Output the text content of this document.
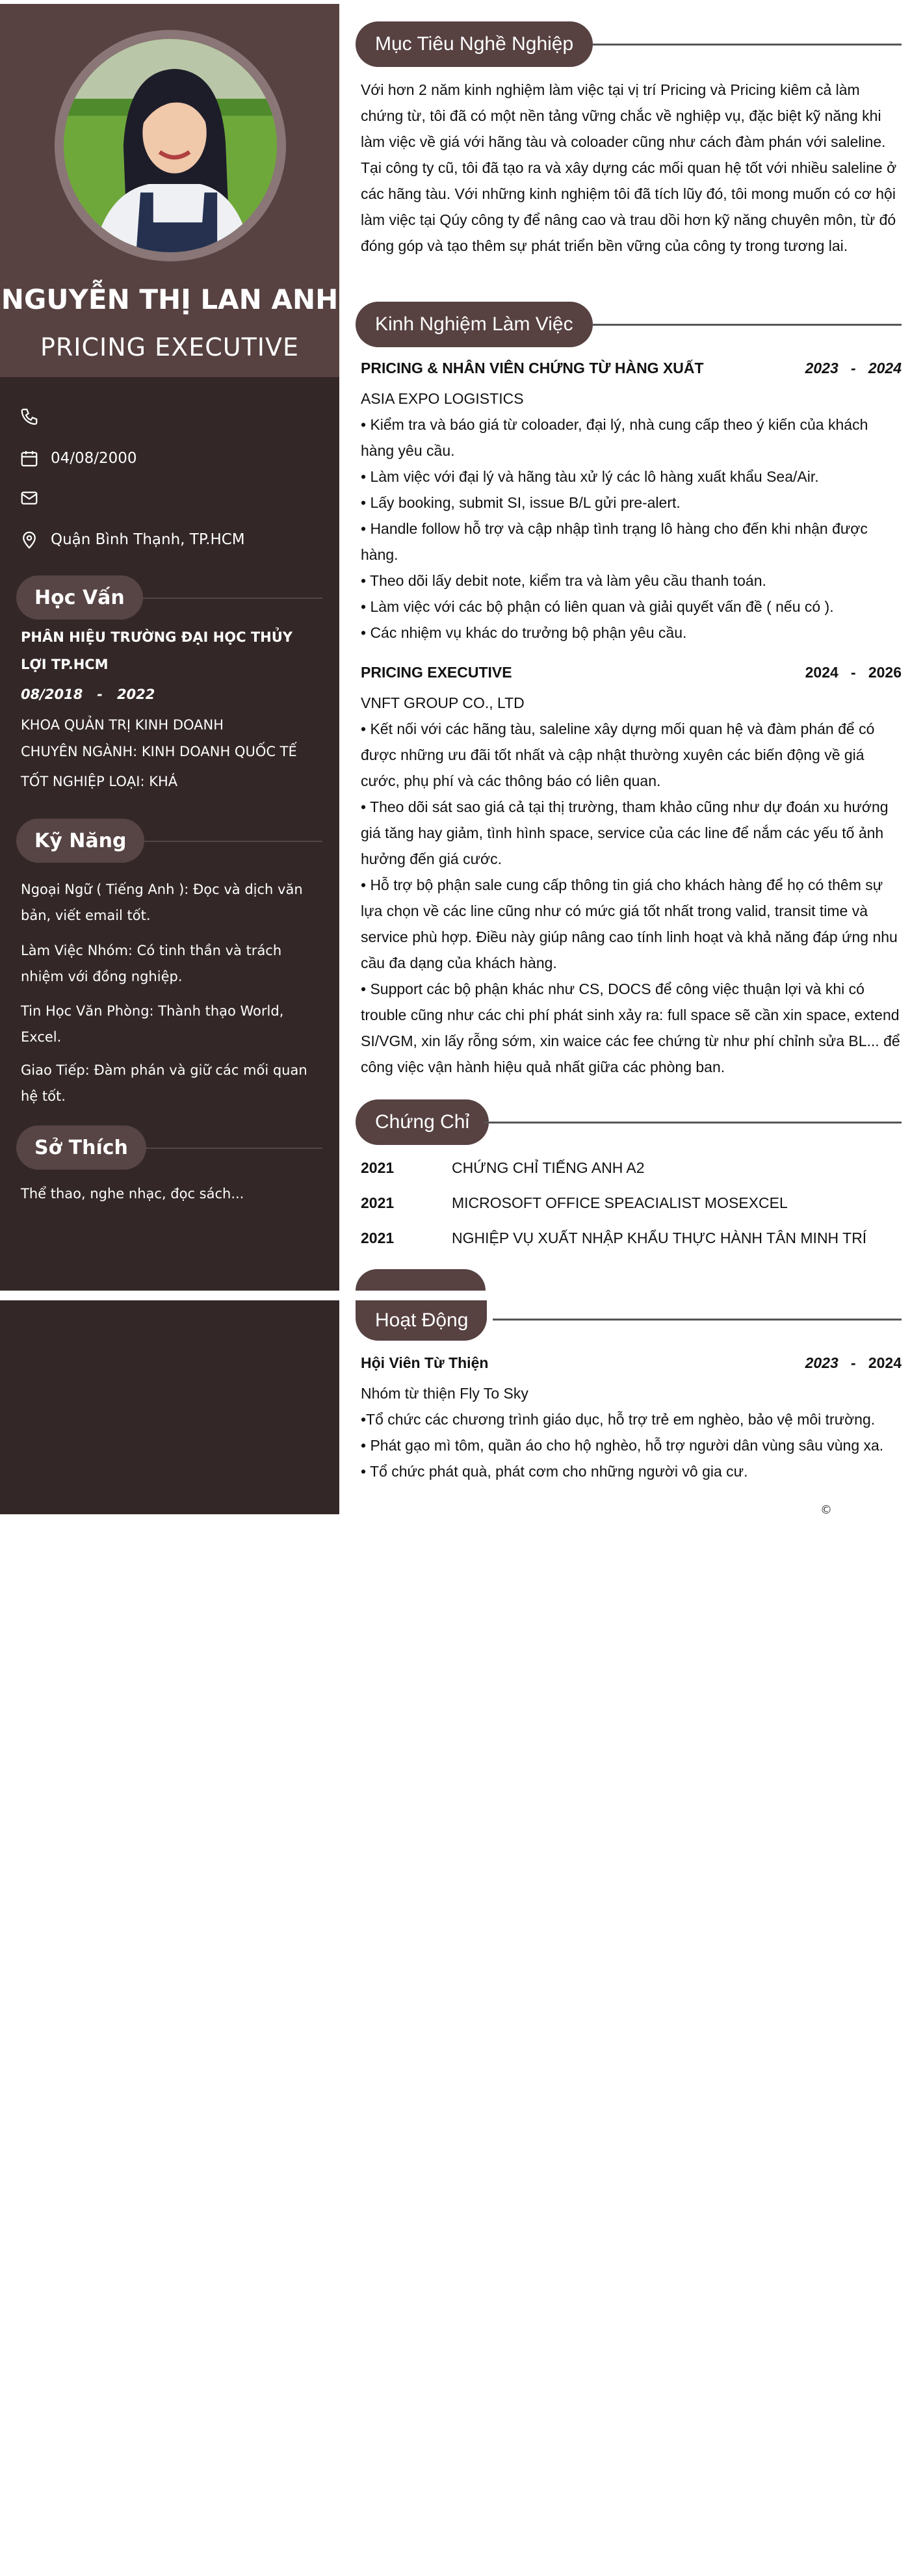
NGUYỄN THỊ LAN ANH
PRICING EXECUTIVE
04/08/2000
Quận Bình Thạnh, TP.HCM
Học Vấn
PHÂN HIỆU TRƯỜNG ĐẠI HỌC THỦY LỢI TP.HCM
08/2018 - 2022
KHOA QUẢN TRỊ KINH DOANH
CHUYÊN NGÀNH: KINH DOANH QUỐC TẾ
TỐT NGHIỆP LOẠI: KHÁ
Kỹ Năng
Ngoại Ngữ ( Tiếng Anh ): Đọc và dịch văn bản, viết email tốt.
Làm Việc Nhóm: Có tinh thần và trách nhiệm với đồng nghiệp.
Tin Học Văn Phòng: Thành thạo World, Excel.
Giao Tiếp: Đàm phán và giữ các mối quan hệ tốt.
Sở Thích
Thể thao, nghe nhạc, đọc sách...
Mục Tiêu Nghề Nghiệp
Với hơn 2 năm kinh nghiệm làm việc tại vị trí Pricing và Pricing kiêm cả làm chứng từ, tôi đã có một nền tảng vững chắc về nghiệp vụ, đặc biệt kỹ năng khi làm việc về giá với hãng tàu và coloader cũng như cách đàm phán với saleline. Tại công ty cũ, tôi đã tạo ra và xây dựng các mối quan hệ tốt với nhiều saleline ở các hãng tàu. Với những kinh nghiệm tôi đã tích lũy đó, tôi mong muốn có cơ hội làm việc tại Qúy công ty để nâng cao và trau dồi hơn kỹ năng chuyên môn, từ đó đóng góp và tạo thêm sự phát triển bền vững của công ty trong tương lai.
Kinh Nghiệm Làm Việc
PRICING & NHÂN VIÊN CHỨNG TỪ HÀNG XUẤT	2023 - 2024
ASIA EXPO LOGISTICS
• Kiểm tra và báo giá từ coloader, đại lý, nhà cung cấp theo ý kiến của khách hàng yêu cầu.
• Làm việc với đại lý và hãng tàu xử lý các lô hàng xuất khẩu Sea/Air.
• Lấy booking, submit SI, issue B/L gửi pre-alert.
• Handle follow hỗ trợ và cập nhập tình trạng lô hàng cho đến khi nhận được hàng.
• Theo dõi lấy debit note, kiểm tra và làm yêu cầu thanh toán.
• Làm việc với các bộ phận có liên quan và giải quyết vấn đề ( nếu có ).
• Các nhiệm vụ khác do trưởng bộ phận yêu cầu.
PRICING EXECUTIVE	2024 - 2026
VNFT GROUP CO., LTD
• Kết nối với các hãng tàu, saleline xây dựng mối quan hệ và đàm phán để có được những ưu đãi tốt nhất và cập nhật thường xuyên các biến động về giá cước, phụ phí và các thông báo có liên quan.
• Theo dõi sát sao giá cả tại thị trường, tham khảo cũng như dự đoán xu hướng giá tăng hay giảm, tình hình space, service của các line để nắm các yếu tố ảnh hưởng đến giá cước.
• Hỗ trợ bộ phận sale cung cấp thông tin giá cho khách hàng để họ có thêm sự lựa chọn về các line cũng như có mức giá tốt nhất trong valid, transit time và service phù hợp. Điều này giúp nâng cao tính linh hoạt và khả năng đáp ứng nhu cầu đa dạng của khách hàng.
• Support các bộ phận khác như CS, DOCS để công việc thuận lợi và khi có trouble cũng như các chi phí phát sinh xảy ra: full space sẽ cần xin space, extend SI/VGM, xin lấy rỗng sớm, xin waice các fee chứng từ như phí chỉnh sửa BL... để công việc vận hành hiệu quả nhất giữa các phòng ban.
Chứng Chỉ
2021	CHỨNG CHỈ TIẾNG ANH A2
2021	MICROSOFT OFFICE SPEACIALIST MOSEXCEL
2021	NGHIỆP VỤ XUẤT NHẬP KHẨU THỰC HÀNH TÂN MINH TRÍ
Hoạt Động
Hội Viên Từ Thiện	2023 - 2024
Nhóm từ thiện Fly To Sky
•Tổ chức các chương trình giáo dục, hỗ trợ trẻ em nghèo, bảo vệ môi trường.
• Phát gạo mì tôm, quần áo cho hộ nghèo, hỗ trợ người dân vùng sâu vùng xa.
• Tổ chức phát quà, phát cơm cho những người vô gia cư.
©
